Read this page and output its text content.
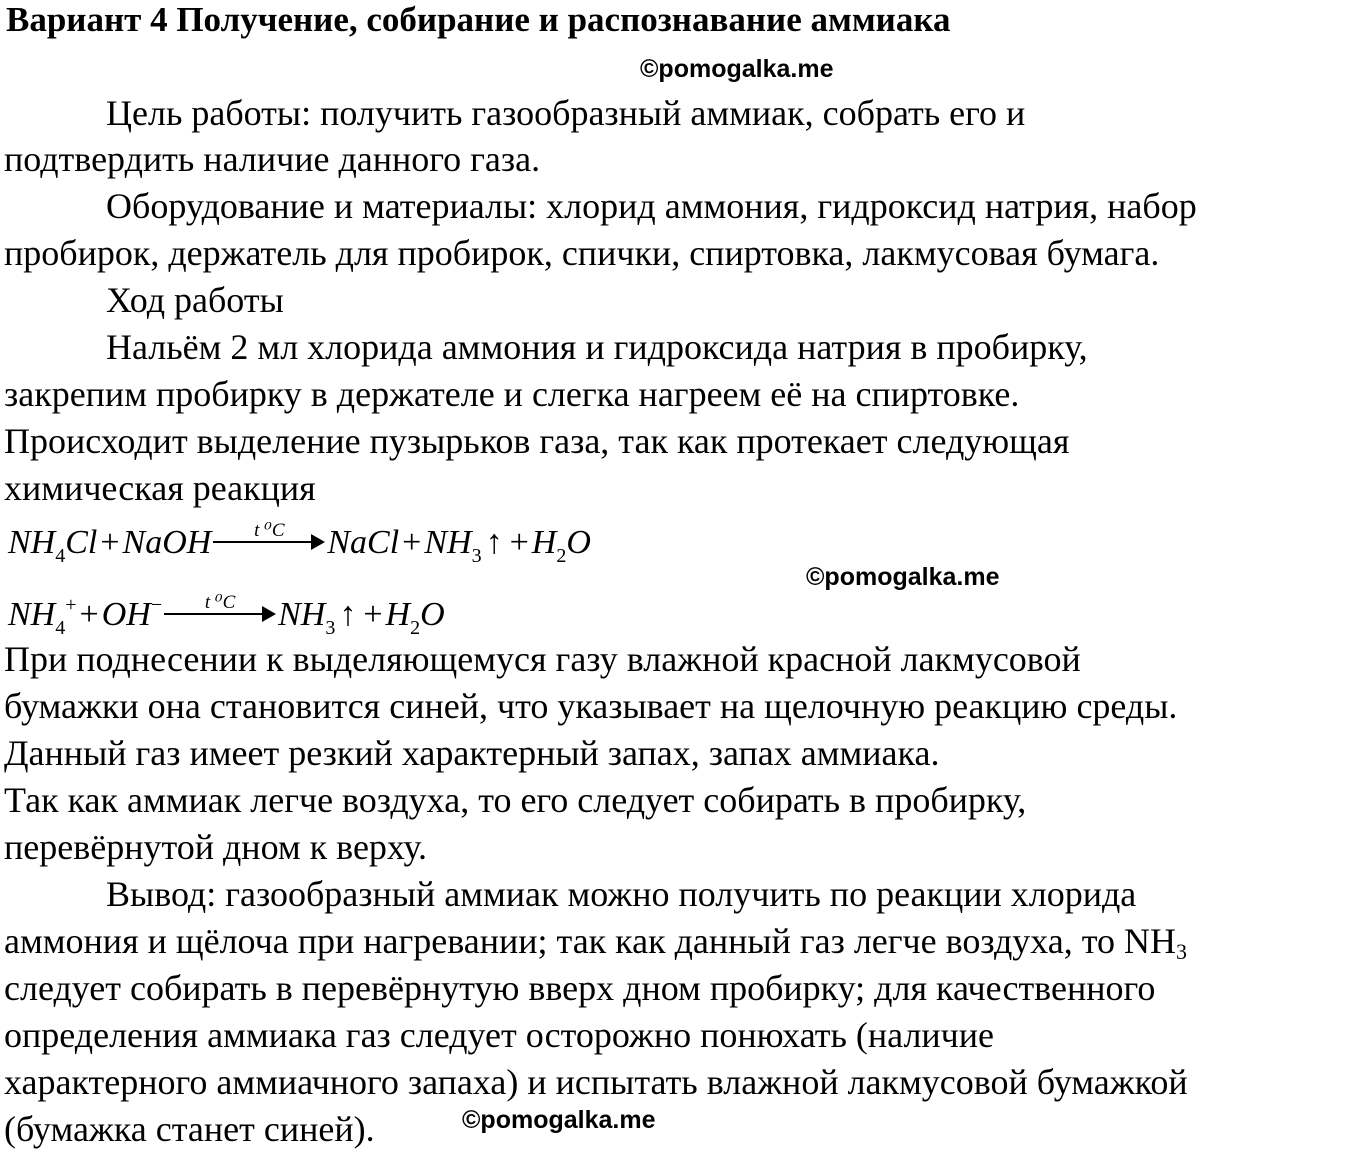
Вариант 4 Получение, собирание и распознавание аммиака
©pomogalka.me
Цель работы: получить газообразный аммиак, собрать его и
подтвердить наличие данного газа.
Оборудование и материалы: хлорид аммония, гидроксид натрия, набор
пробирок, держатель для пробирок, спички, спиртовка, лакмусовая бумага.
Ход работы
Нальём 2 мл хлорида аммония и гидроксида натрия в пробирку,
закрепим пробирку в держателе и слегка нагреем её на спиртовке.
Происходит выделение пузырьков газа, так как протекает следующая
химическая реакция
$NH_4Cl+NaOH$	t ⁰C	$NaCl+NH_3$ ↑ $+H_2O$
©pomogalka.me
$NH_4^++OH^-$	t ⁰C	$NH_3$ ↑ $+H_2O$
При поднесении к выделяющемуся газу влажной красной лакмусовой
бумажки она становится синей, что указывает на щелочную реакцию среды.
Данный газ имеет резкий характерный запах, запах аммиака.
Так как аммиак легче воздуха, то его следует собирать в пробирку,
перевёрнутой дном к верху.
Вывод: газообразный аммиак можно получить по реакции хлорида
аммония и щёлоча при нагревании; так как данный газ легче воздуха, то NH3
следует собирать в перевёрнутую вверх дном пробирку; для качественного
определения аммиака газ следует осторожно понюхать (наличие
характерного аммиачного запаха) и испытать влажной лакмусовой бумажкой
(бумажка станет синей).	©pomogalka.me
